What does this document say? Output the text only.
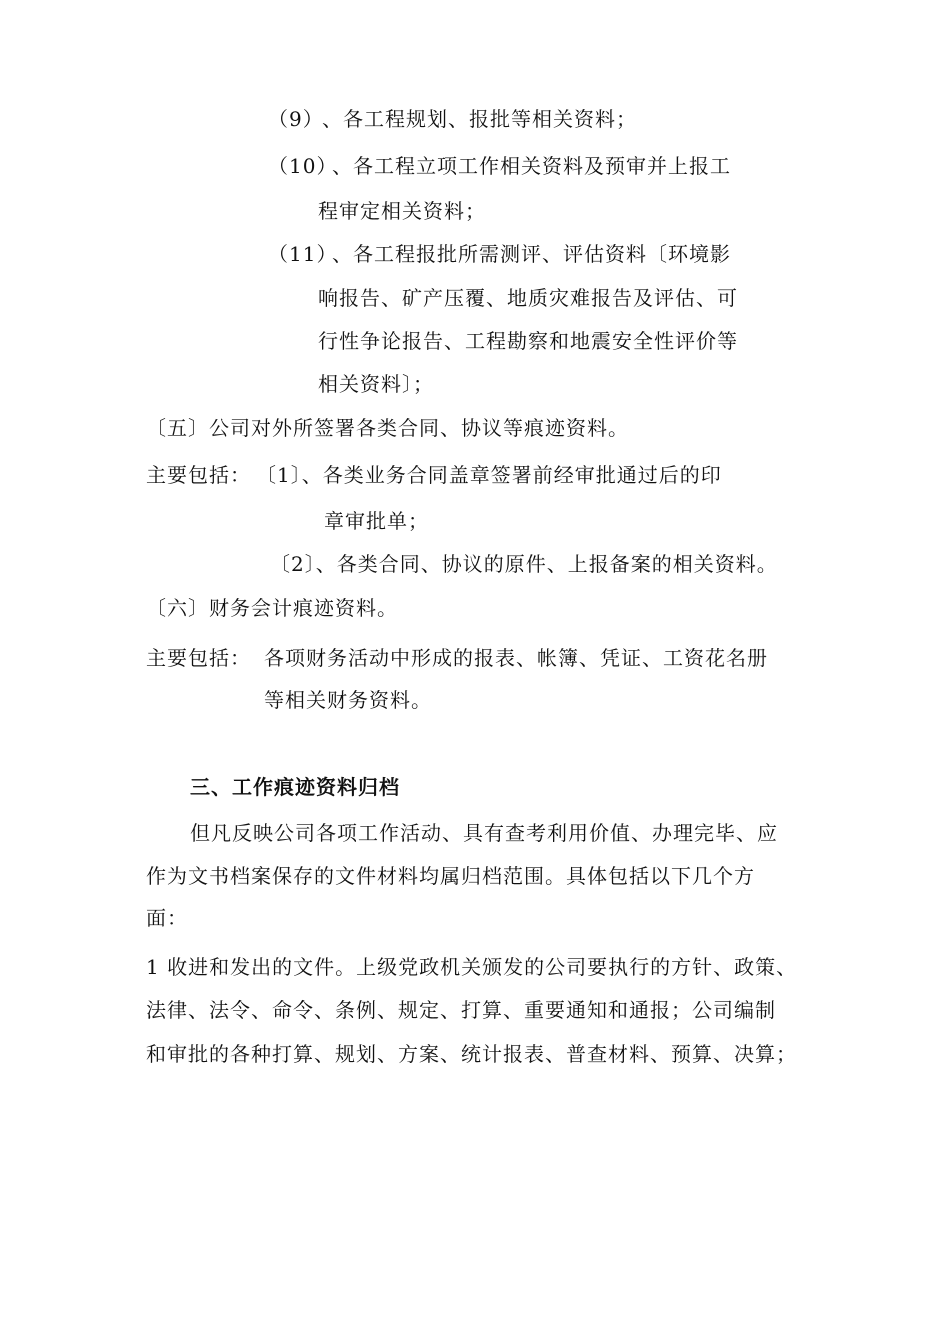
（9）
、各工程规划、报批等相关资料；
（10）
、各工程立项工作相关资料及预审并上报工
程审定相关资料；
（11）
、各工程报批所需测评、评估资料〔环境影
响报告、矿产压覆、地质灾难报告及评估、可
行性争论报告、工程勘察和地震安全性评价等
相关资料〕；
〔五〕公司对外所签署各类合同、协议等痕迹资料。
主要包括： 〔1〕、各类业务合同盖章签署前经审批通过后的印
章审批单；
〔2〕、各类合同、协议的原件、上报备案的相关资料。
〔六〕财务会计痕迹资料。
主要包括： 各项财务活动中形成的报表、帐簿、凭证、工资花名册
等相关财务资料。
三、工作痕迹资料归档
但凡反映公司各项工作活动、具有查考利用价值、办理完毕、应
作为文书档案保存的文件材料均属归档范围。具体包括以下几个方
面：
1 收进和发出的文件。上级党政机关颁发的公司要执行的方针、政策、
法律、法令、命令、条例、规定、打算、重要通知和通报；公司编制
和审批的各种打算、规划、方案、统计报表、普查材料、预算、决算；
